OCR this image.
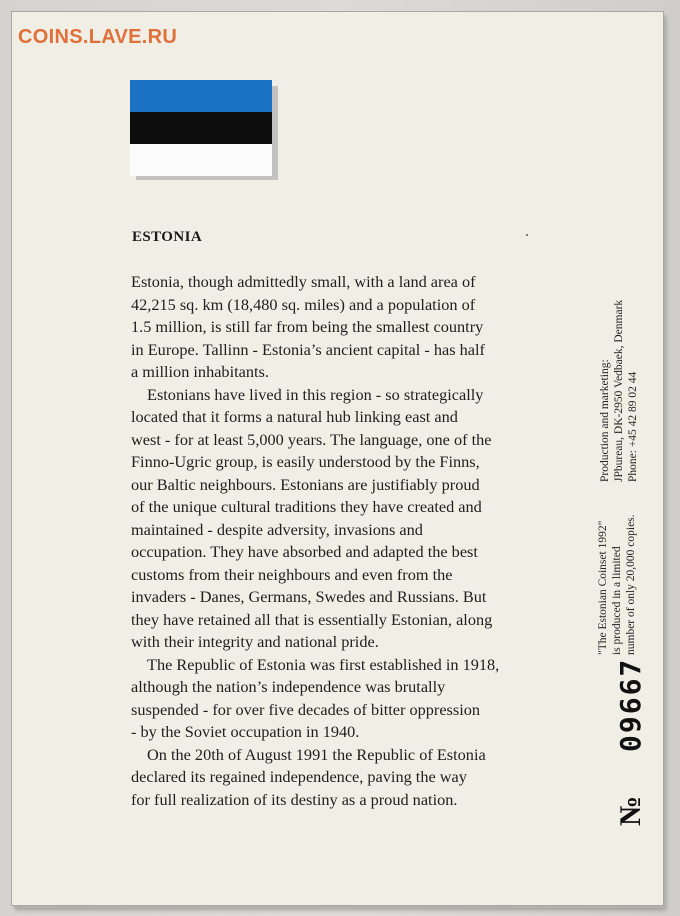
COINS.LAVE.RU
ESTONIA

Estonia, though admittedly small, with a land area of
42,215 sq. km (18,480 sq. miles) and a population of
1.5 million, is still far from being the smallest country
in Europe. Tallinn - Estonia’s ancient capital - has half
a million inhabitants.

Estonians have lived in this region - so strategically
located that it forms a natural hub linking east and
west - for at least 5,000 years. The language, one of the
Finno-Ugric group, is easily understood by the Finns,
our Baltic neighbours. Estonians are justifiably proud
of the unique cultural traditions they have created and
maintained - despite adversity, invasions and
occupation. They have absorbed and adapted the best
customs from their neighbours and even from the
invaders - Danes, Germans, Swedes and Russians. But
they have retained all that is essentially Estonian, along
with their integrity and national pride.

The Republic of Estonia was first established in 1918,
although the nation’s independence was brutally
suspended - for over five decades of bitter oppression
- by the Soviet occupation in 1940.

On the 20th of August 1991 the Republic of Estonia
declared its regained independence, paving the way
for full realization of its destiny as a proud nation.	№
09667
"The Estonian Coinset 1992" is produced in a limited number of only 20,000 copies.
Production and marketing: JPbureau, DK-2950 Vedbaek, Denmark Phone: +45 42 89 02 44
